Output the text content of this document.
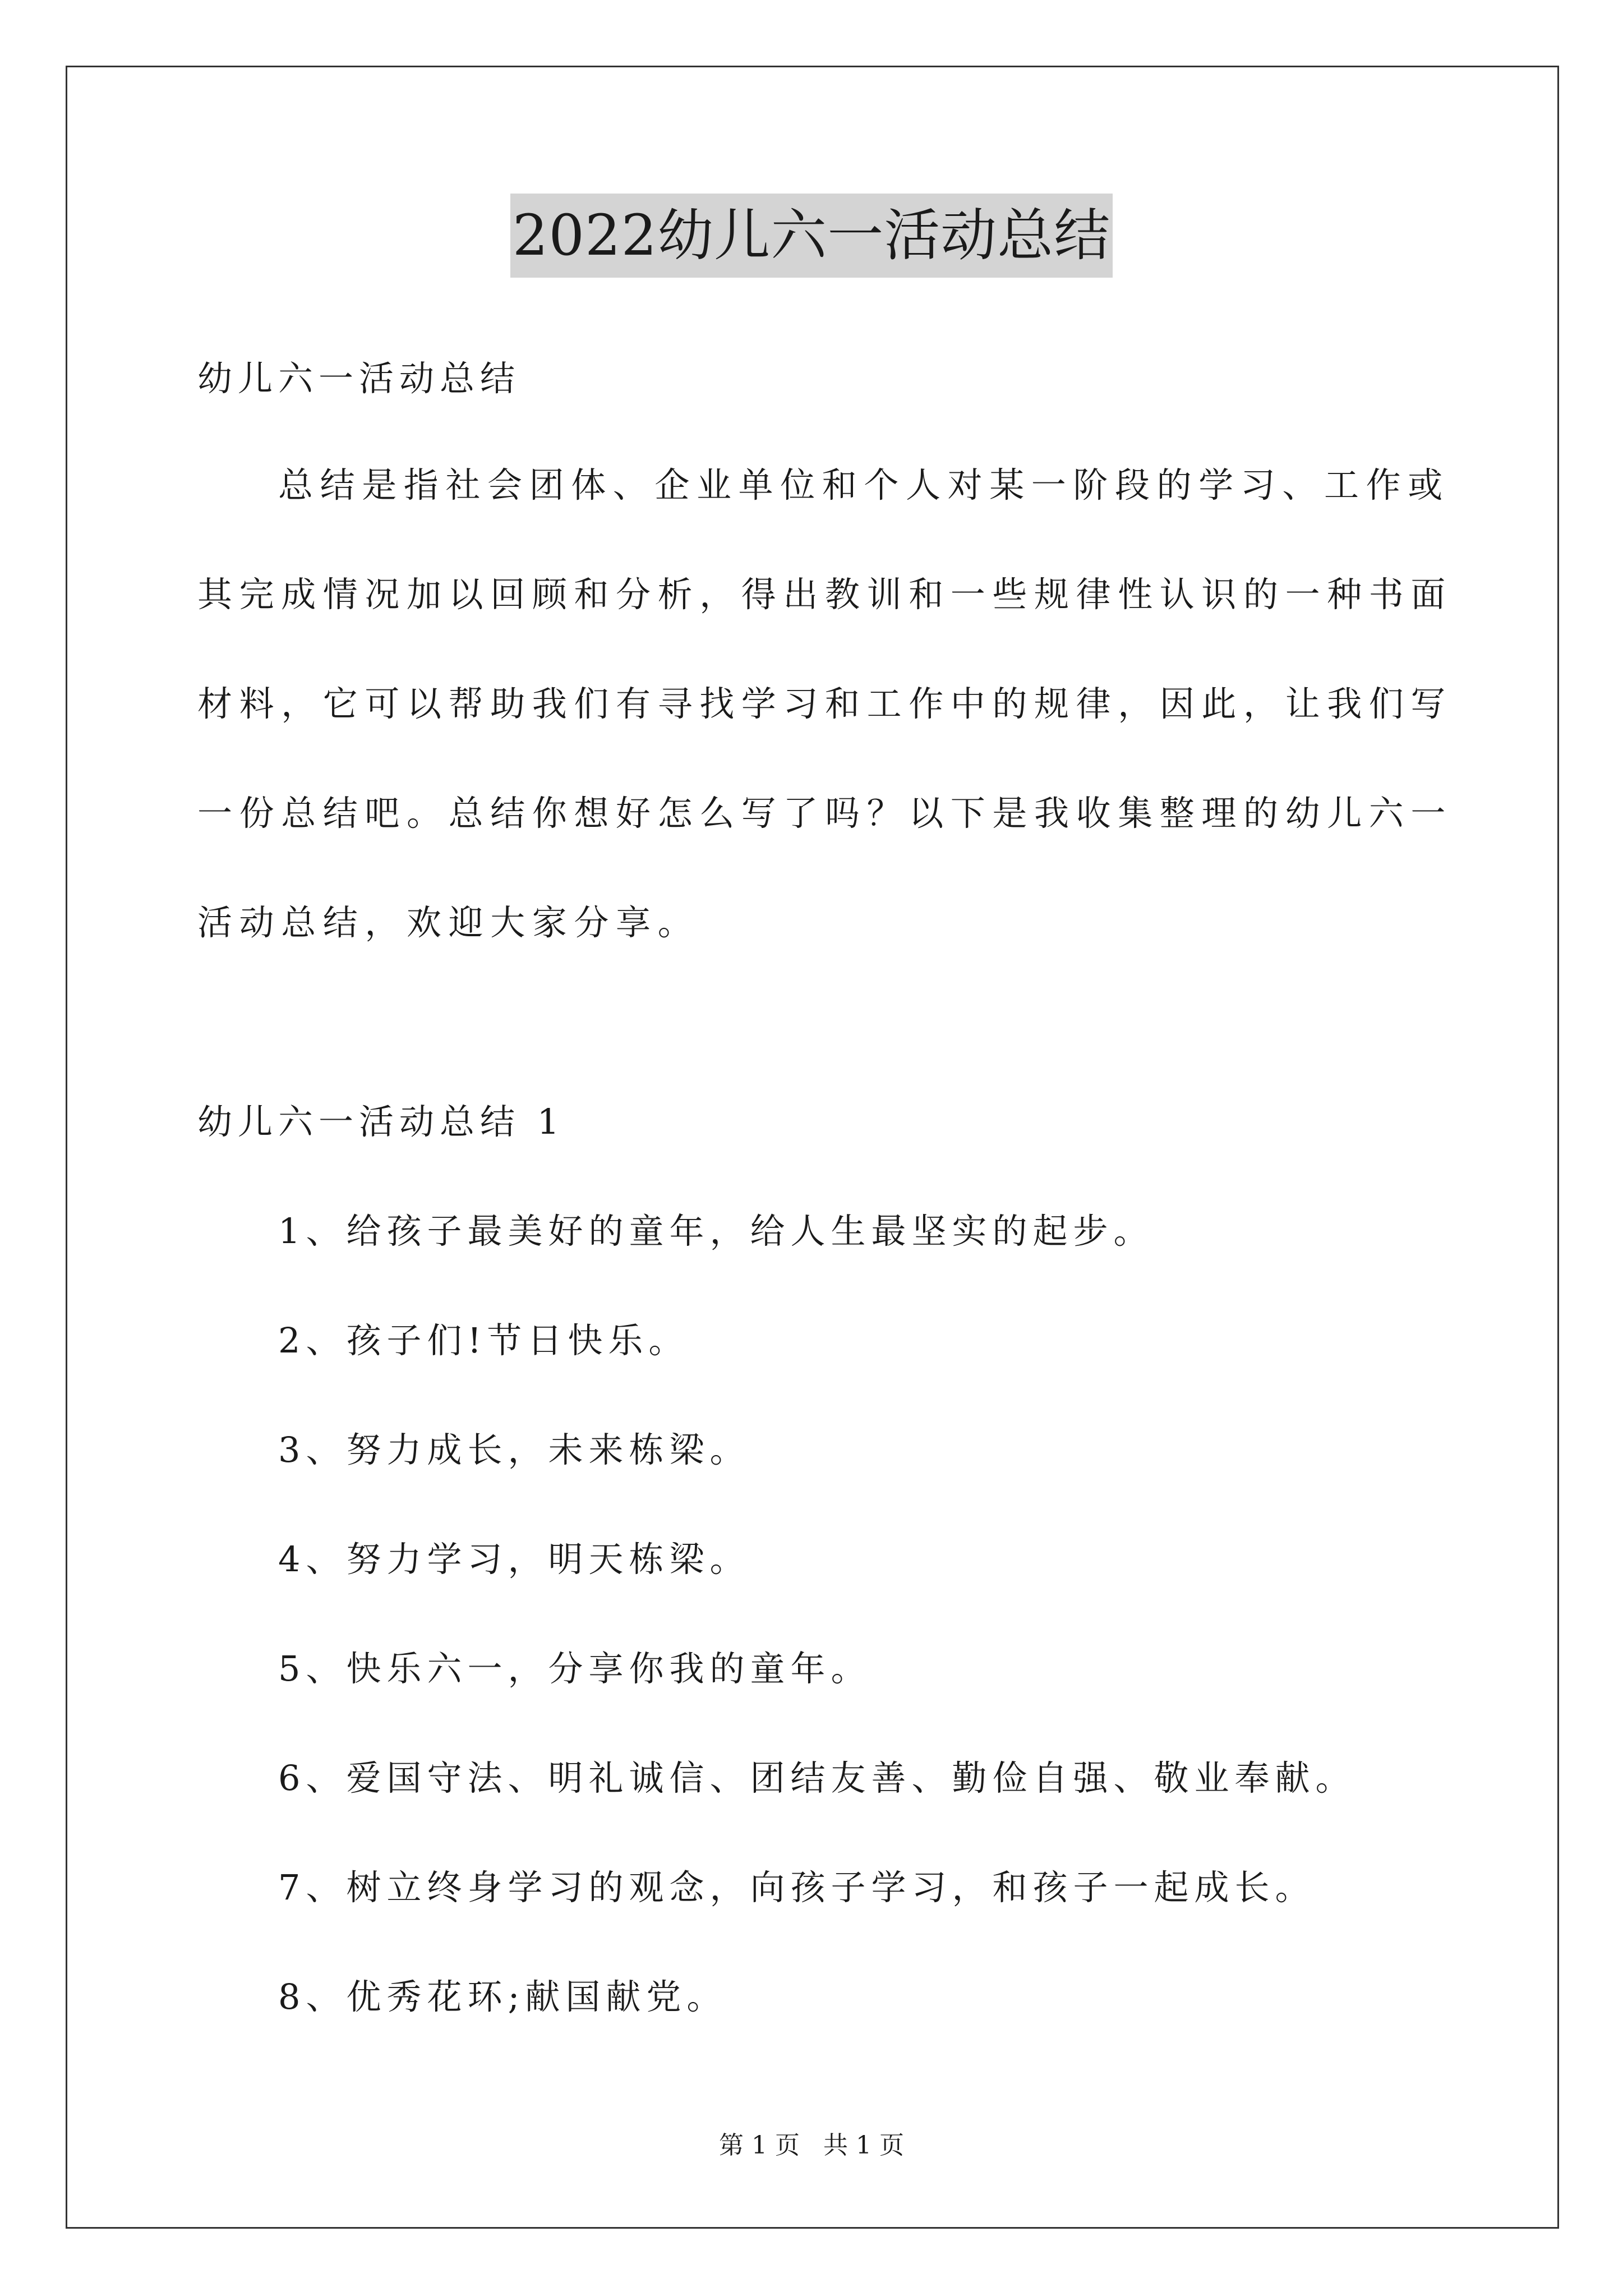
2022幼儿六一活动总结
幼儿六一活动总结
总结是指社会团体、企业单位和个人对某一阶段的学习、工作或
其完成情况加以回顾和分析，得出教训和一些规律性认识的一种书面
材料，它可以帮助我们有寻找学习和工作中的规律，因此，让我们写
一份总结吧。总结你想好怎么写了吗？以下是我收集整理的幼儿六一
活动总结，欢迎大家分享。
幼儿六一活动总结 1
1、给孩子最美好的童年，给人生最坚实的起步。
2、孩子们!节日快乐。
3、努力成长，未来栋梁。
4、努力学习，明天栋梁。
5、快乐六一，分享你我的童年。
6、爱国守法、明礼诚信、团结友善、勤俭自强、敬业奉献。
7、树立终身学习的观念，向孩子学习，和孩子一起成长。
8、优秀花环;献国献党。
第 1 页   共 1 页
